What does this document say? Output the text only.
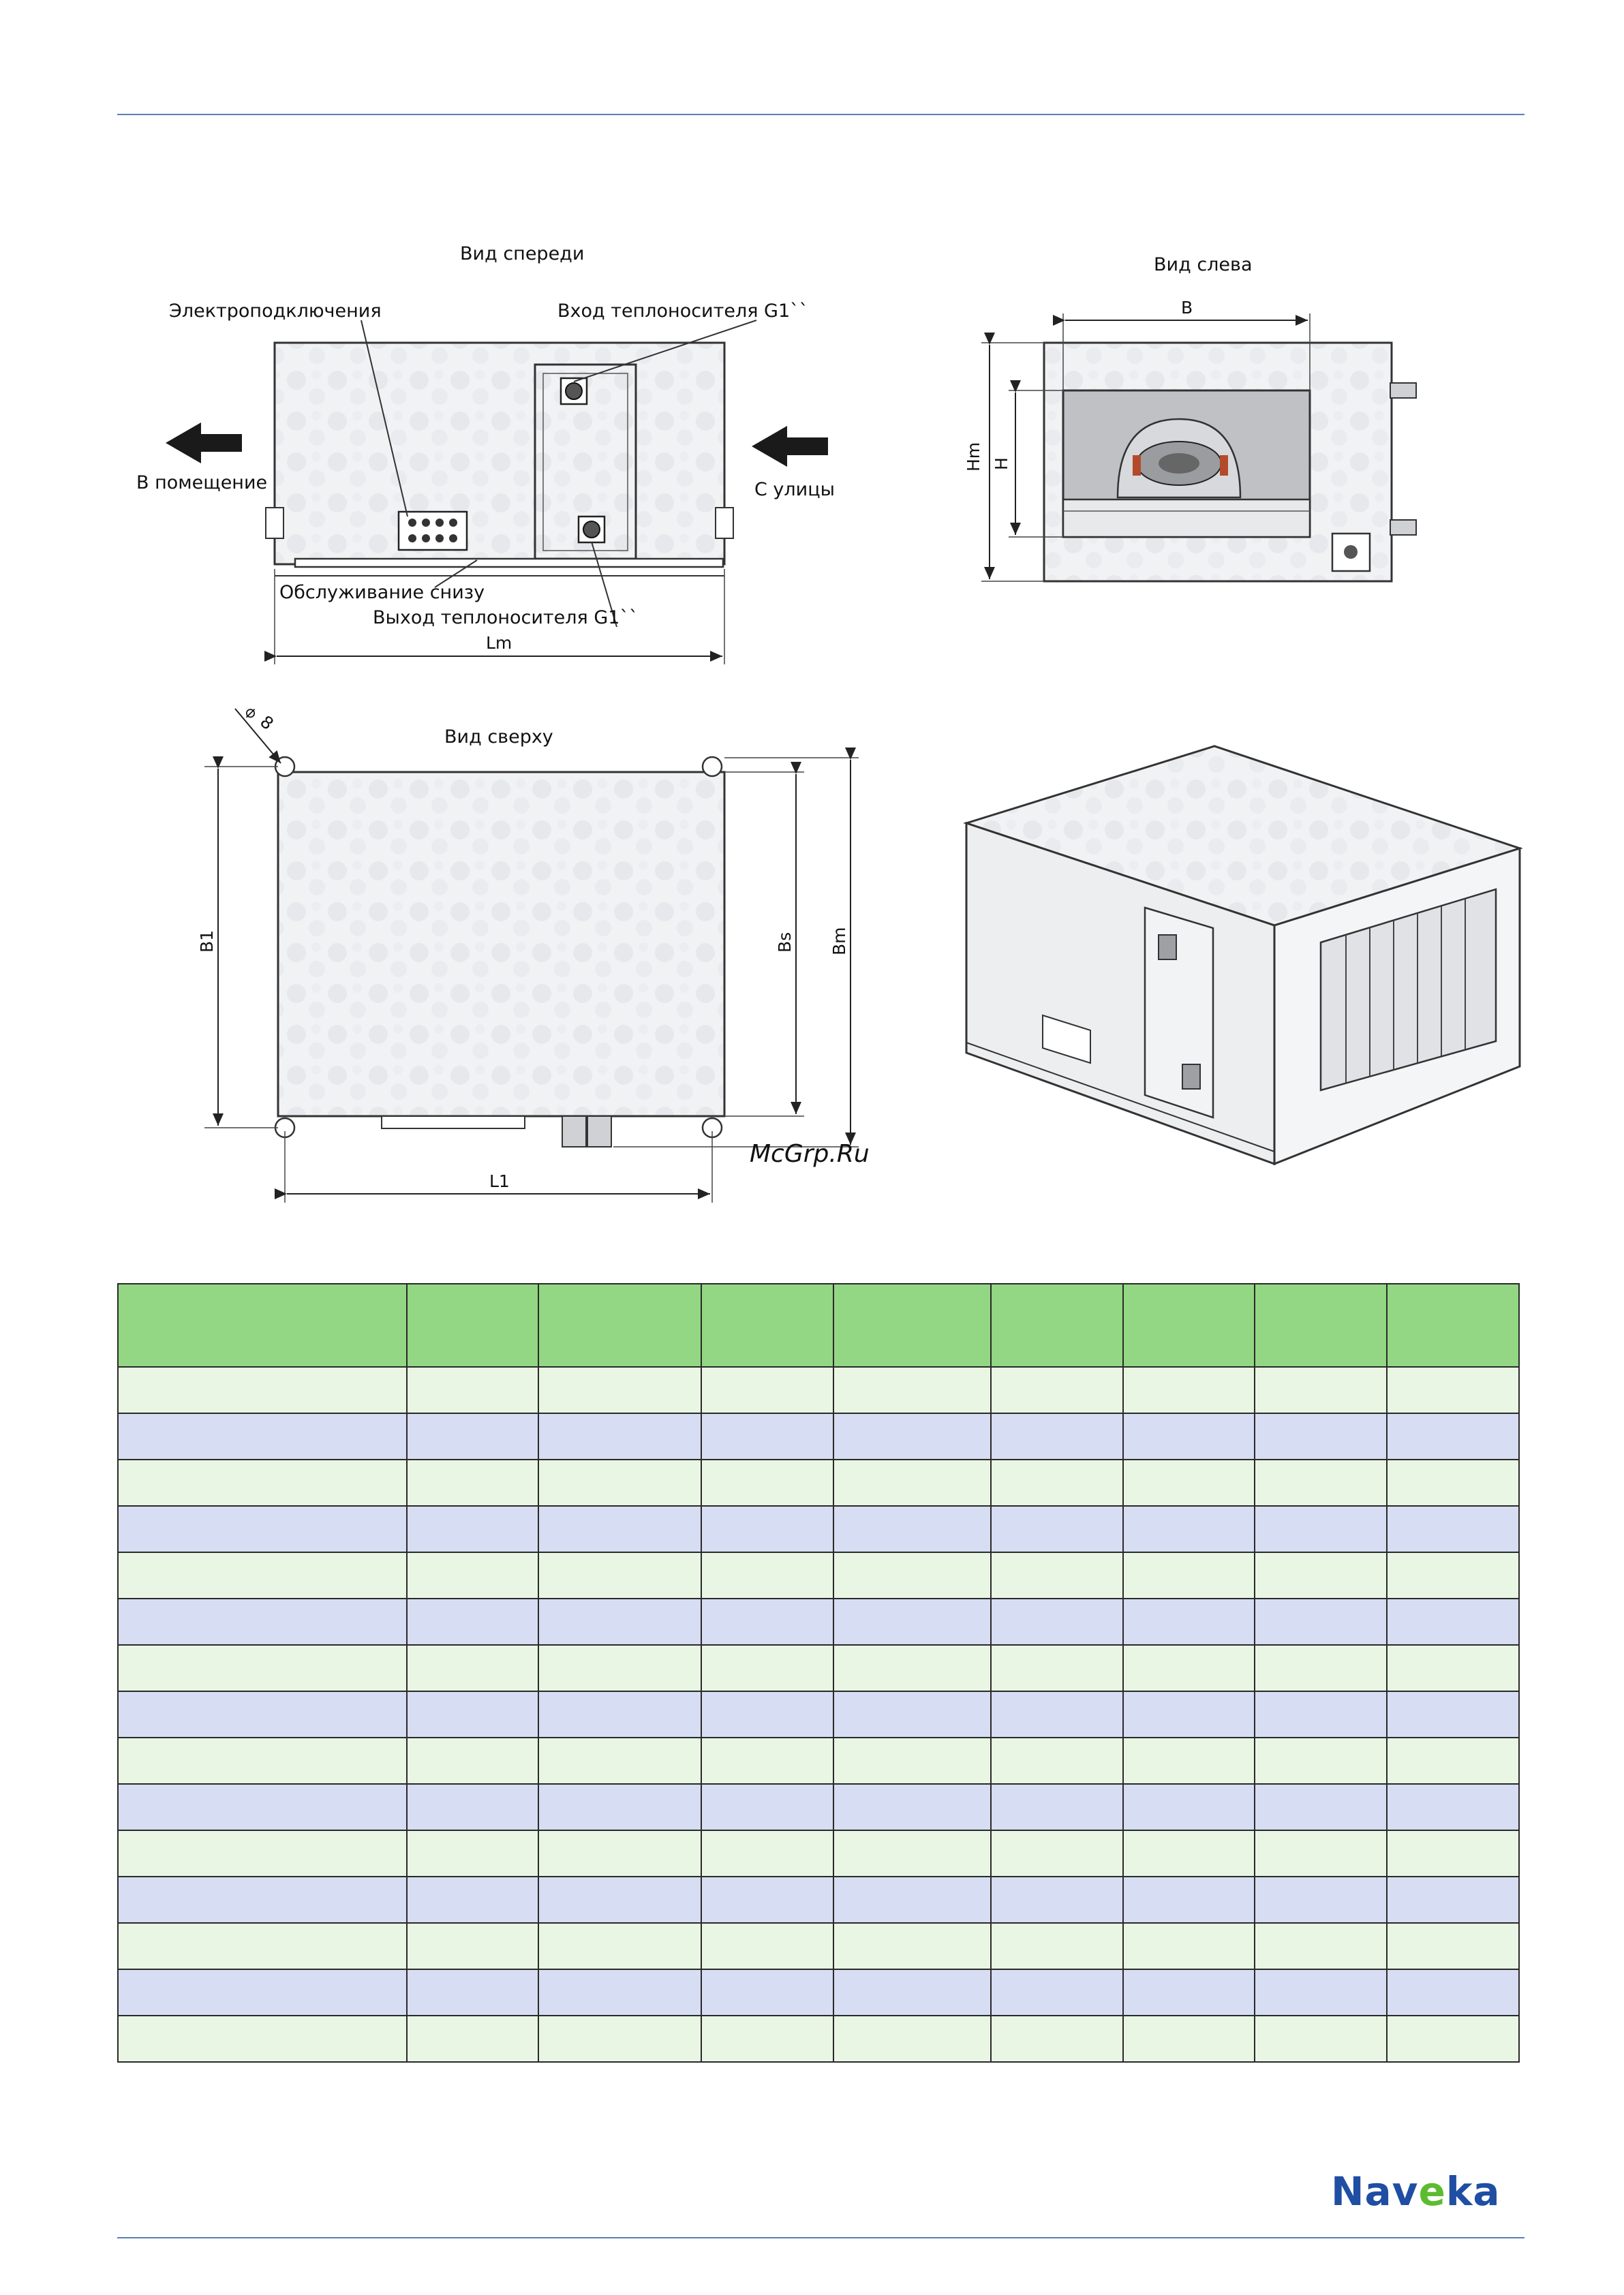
Вид спереди
Электроподключения	Вход теплоносителя G1``
В помещение	С улицы
Обслуживание снизу
Выход теплоносителя G1``
Lm
Вид слева
B
Hm H
Вид сверху
⌀ 8
B1	Bs Bm
L1
McGrp.Ru

Naveka
